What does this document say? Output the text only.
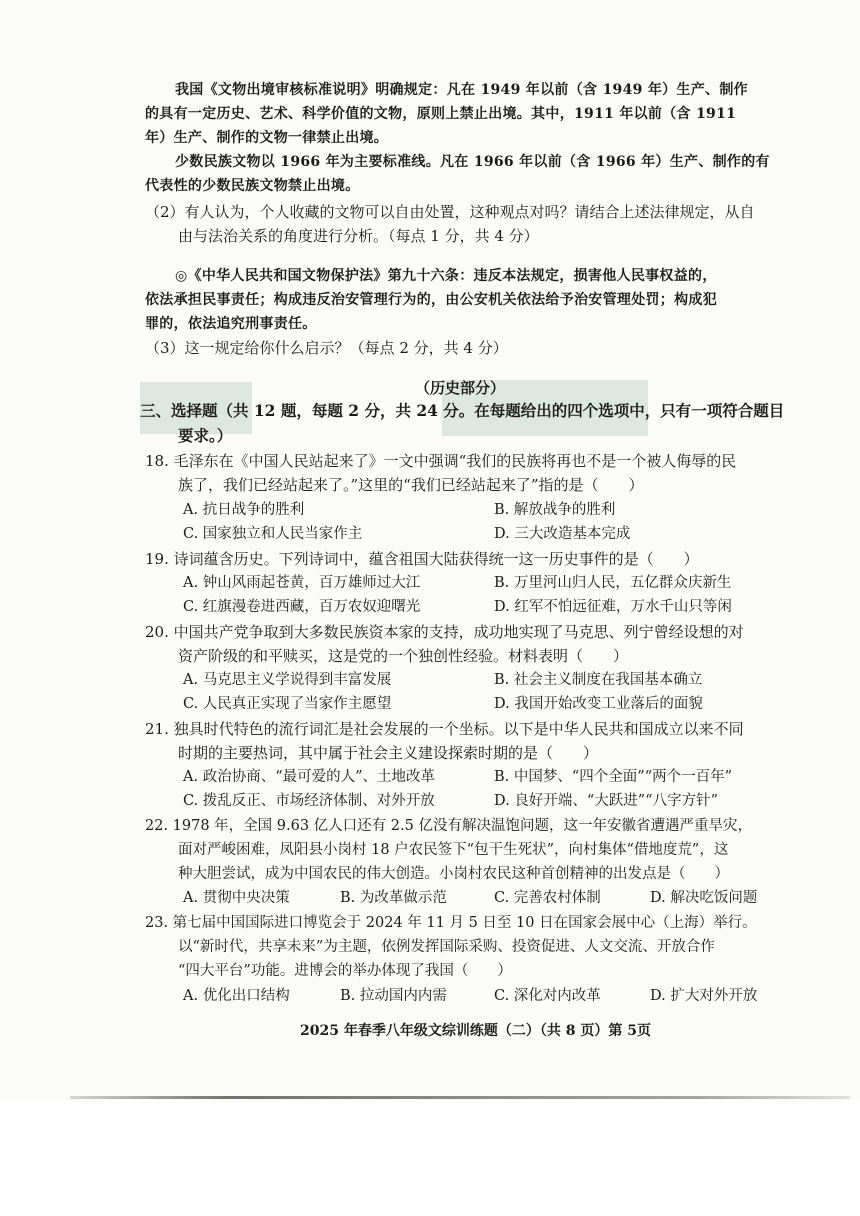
我国《文物出境审核标准说明》明确规定：凡在 1949 年以前（含 1949 年）生产、制作
的具有一定历史、艺术、科学价值的文物，原则上禁止出境。其中，1911 年以前（含 1911
年）生产、制作的文物一律禁止出境。
少数民族文物以 1966 年为主要标准线。凡在 1966 年以前（含 1966 年）生产、制作的有
代表性的少数民族文物禁止出境。
（2）有人认为，个人收藏的文物可以自由处置，这种观点对吗？请结合上述法律规定，从自
由与法治关系的角度进行分析。（每点 1 分，共 4 分）
◎《中华人民共和国文物保护法》第九十六条：违反本法规定，损害他人民事权益的，
依法承担民事责任；构成违反治安管理行为的，由公安机关依法给予治安管理处罚；构成犯
罪的，依法追究刑事责任。
（3）这一规定给你什么启示？（每点 2 分，共 4 分）
（历史部分）
三、选择题（共 12 题，每题 2 分，共 24 分。在每题给出的四个选项中，只有一项符合题目
要求。）
18. 毛泽东在《中国人民站起来了》一文中强调“我们的民族将再也不是一个被人侮辱的民
族了，我们已经站起来了。”这里的“我们已经站起来了”指的是（　　）
A. 抗日战争的胜利	B. 解放战争的胜利
C. 国家独立和人民当家作主	D. 三大改造基本完成
19. 诗词蕴含历史。下列诗词中，蕴含祖国大陆获得统一这一历史事件的是（　　）
A. 钟山风雨起苍黄，百万雄师过大江	B. 万里河山归人民，五亿群众庆新生
C. 红旗漫卷进西藏，百万农奴迎曙光	D. 红军不怕远征难，万水千山只等闲
20. 中国共产党争取到大多数民族资本家的支持，成功地实现了马克思、列宁曾经设想的对
资产阶级的和平赎买，这是党的一个独创性经验。材料表明（　　）
A. 马克思主义学说得到丰富发展	B. 社会主义制度在我国基本确立
C. 人民真正实现了当家作主愿望	D. 我国开始改变工业落后的面貌
21. 独具时代特色的流行词汇是社会发展的一个坐标。以下是中华人民共和国成立以来不同
时期的主要热词，其中属于社会主义建设探索时期的是（　　）
A. 政治协商、“最可爱的人”、土地改革	B. 中国梦、“四个全面”“两个一百年”
C. 拨乱反正、市场经济体制、对外开放	D. 良好开端、“大跃进”“八字方针”
22. 1978 年，全国 9.63 亿人口还有 2.5 亿没有解决温饱问题，这一年安徽省遭遇严重旱灾，
面对严峻困难，凤阳县小岗村 18 户农民签下“包干生死状”，向村集体“借地度荒”，这
种大胆尝试，成为中国农民的伟大创造。小岗村农民这种首创精神的出发点是（　　）
A. 贯彻中央决策	B. 为改革做示范	C. 完善农村体制	D. 解决吃饭问题
23. 第七届中国国际进口博览会于 2024 年 11 月 5 日至 10 日在国家会展中心（上海）举行。
以“新时代，共享未来”为主题，依例发挥国际采购、投资促进、人文交流、开放合作
“四大平台”功能。进博会的举办体现了我国（　　）
A. 优化出口结构	B. 拉动国内内需	C. 深化对内改革	D. 扩大对外开放
2025 年春季八年级文综训练题（二）（共 8 页）第 5页
